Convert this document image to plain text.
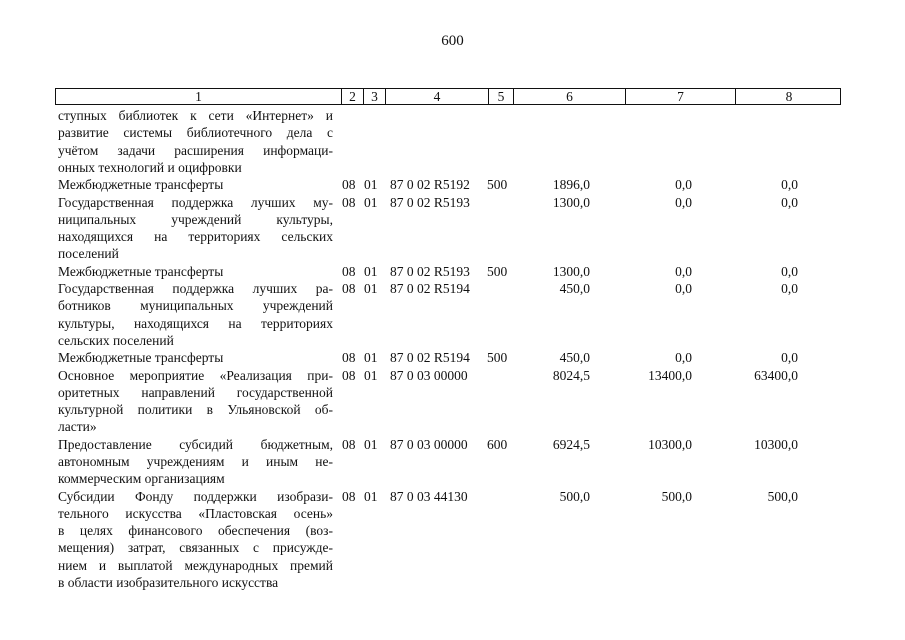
600
1	2	3	4	5	6	7	8
ступных библиотек к сети «Интернет» и
развитие системы библиотечного дела с
учётом задачи расширения информаци-
онных технологий и оцифровки
Межбюджетные трансферты	08 01 87 0 02 R5192 500	1896,0	0,0	0,0
Государственная поддержка лучших му-
ниципальных учреждений культуры,
находящихся на территориях сельских
поселений
08 01 87 0 02 R5193	1300,0	0,0	0,0
Межбюджетные трансферты	08 01 87 0 02 R5193 500	1300,0	0,0	0,0
Государственная поддержка лучших ра-
ботников муниципальных учреждений
культуры, находящихся на территориях
сельских поселений
08 01 87 0 02 R5194	450,0	0,0	0,0
Межбюджетные трансферты	08 01 87 0 02 R5194 500	450,0	0,0	0,0
Основное мероприятие «Реализация при-
оритетных направлений государственной
культурной политики в Ульяновской об-
ласти»
08 01 87 0 03 00000	8024,5	13400,0	63400,0
Предоставление субсидий бюджетным,
автономным учреждениям и иным не-
коммерческим организациям
08 01 87 0 03 00000 600	6924,5	10300,0	10300,0
Субсидии Фонду поддержки изобрази-
тельного искусства «Пластовская осень»
в целях финансового обеспечения (воз-
мещения) затрат, связанных с присужде-
нием и выплатой международных премий
в области изобразительного искусства
08 01 87 0 03 44130	500,0	500,0	500,0
